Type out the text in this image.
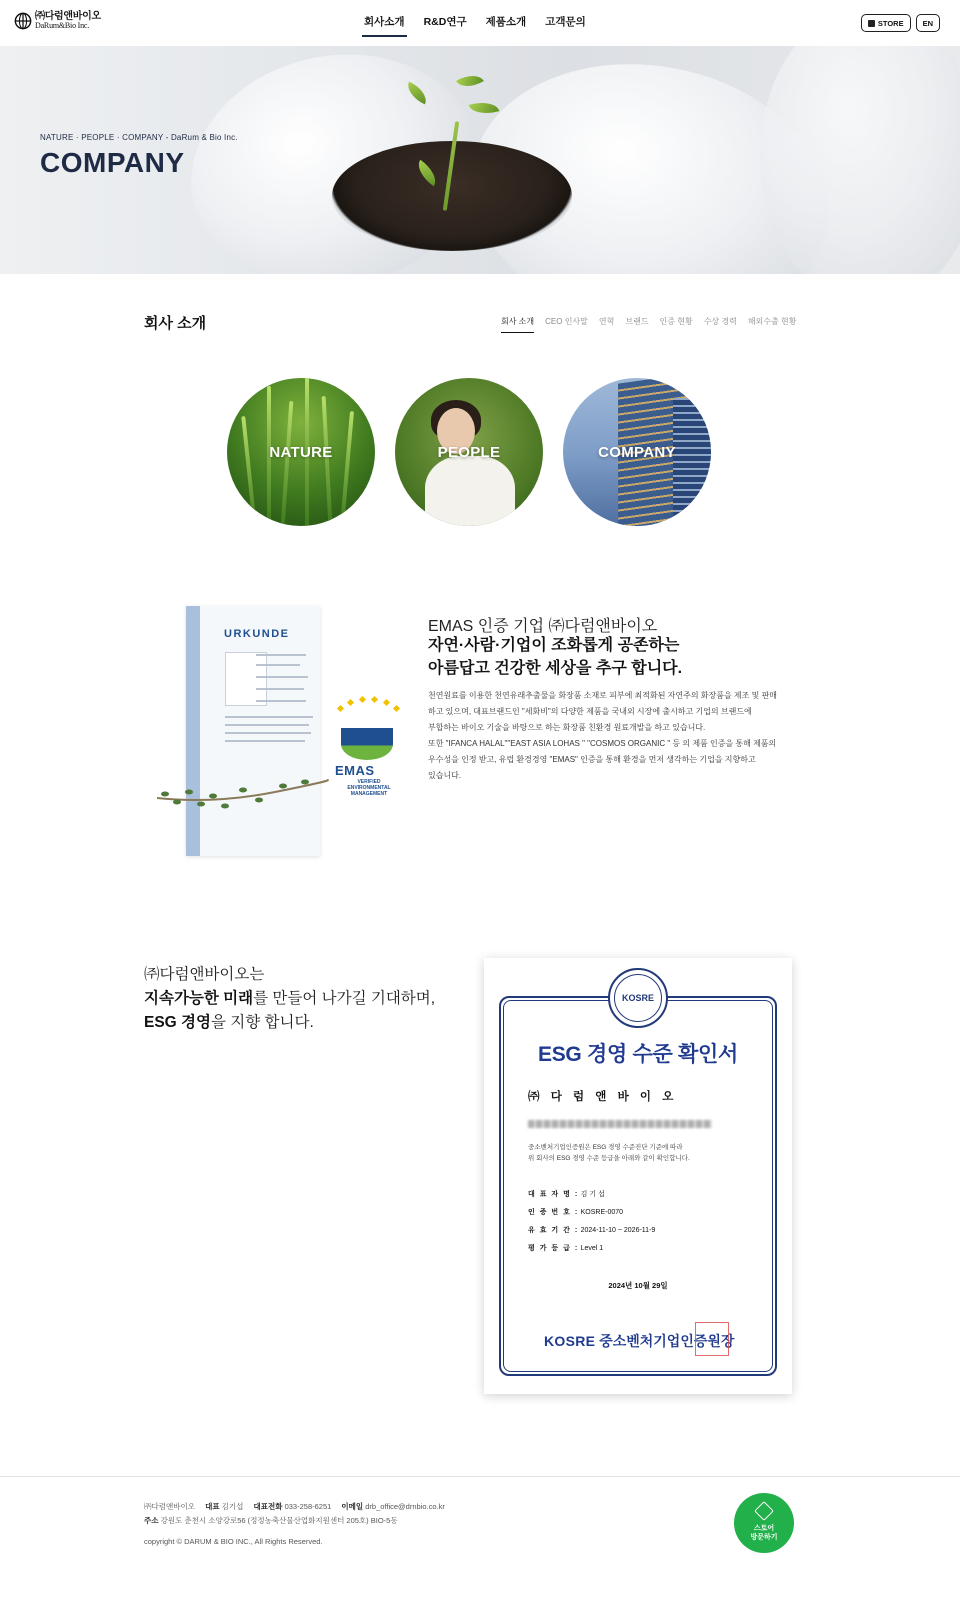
㈜다럼앤바이오
DaRum&Bio Inc.	회사소개 R&D연구 제품소개 고객문의	STORE	EN
NATURE · PEOPLE · COMPANY - DaRum & Bio Inc.
COMPANY
회사 소개	회사 소개 CEO 인사말 연혁 브랜드 인증 현황 수상 경력 해외수출 현황
NATURE	PEOPLE	COMPANY
URKUNDE
EMAS
VERIFIED ENVIRONMENTAL MANAGEMENT
EMAS 인증 기업 ㈜다럼앤바이오
자연·사람·기업이 조화롭게 공존하는
아름답고 건강한 세상을 추구 합니다.
천연원료를 이용한 천연유래추출물을 화장품 소재로 피부에 최적화된 자연주의 화장품을 제조 및 판매
하고 있으며, 대표브랜드인 "세화비"의 다양한 제품을 국내외 시장에 출시하고 기업의 브랜드에
부합하는 바이오 기술을 바탕으로 하는 화장품 친환경 원료개발을 하고 있습니다.
또한 "IFANCA HALAL""EAST ASIA LOHAS " "COSMOS ORGANIC " 등 의 제품 인증을 통해 제품의
우수성을 인정 받고, 유럽 환경경영 "EMAS" 인증을 통해 환경을 먼저 생각하는 기업을 지향하고
있습니다.
㈜다럼앤바이오는
지속가능한 미래를 만들어 나가길 기대하며,
ESG 경영을 지향 합니다.
KOSRE
ESG 경영 수준 확인서
㈜ 다 럼 앤 바 이 오
중소벤처기업인증원은 ESG 경영 수준진단 기준에 따라
위 회사의 ESG 경영 수준 등급을 아래와 같이 확인합니다.
대 표 자 명 : 김 기 섭
인 증 번 호 : KOSRE-0070
유 효 기 간 : 2024-11-10 ~ 2026-11-9
평 가 등 급 : Level 1
2024년 10월 29일
KOSRE 중소벤처기업인증원장
㈜다럼앤바이오 대표 김기섭 대표전화 033-258-6251 이메일 drb_office@drnbio.co.kr
주소 강원도 춘천시 소양강로56 (정정농축산물산업화지원센터 205호) BIO-5동
copyright © DARUM & BIO INC., All Rights Reserved.
스토어
방문하기
